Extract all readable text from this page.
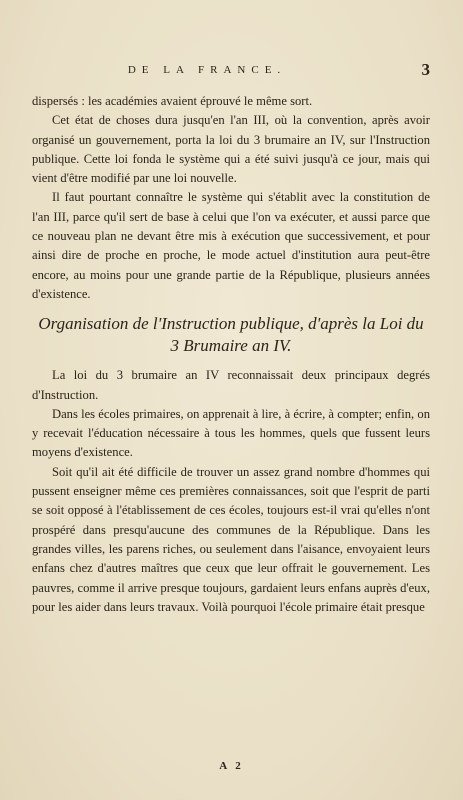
DE LA FRANCE.	3

dispersés : les académies avaient éprouvé le même sort.

Cet état de choses dura jusqu'en l'an III, où la convention, après avoir organisé un gouvernement, porta la loi du 3 brumaire an IV, sur l'Instruction publique. Cette loi fonda le système qui a été suivi jusqu'à ce jour, mais qui vient d'être modifié par une loi nouvelle.

Il faut pourtant connaître le système qui s'établit avec la constitution de l'an III, parce qu'il sert de base à celui que l'on va exécuter, et aussi parce que ce nouveau plan ne devant être mis à exécution que successivement, et pour ainsi dire de proche en proche, le mode actuel d'institution aura peut-être encore, au moins pour une grande partie de la République, plusieurs années d'existence.

Organisation de l'Instruction publique, d'après la Loi du 3 Brumaire an IV.

La loi du 3 brumaire an IV reconnaissait deux principaux degrés d'Instruction.

Dans les écoles primaires, on apprenait à lire, à écrire, à compter; enfin, on y recevait l'éducation nécessaire à tous les hommes, quels que fussent leurs moyens d'existence.

Soit qu'il ait été difficile de trouver un assez grand nombre d'hommes qui pussent enseigner même ces premières connaissances, soit que l'esprit de parti se soit opposé à l'établissement de ces écoles, toujours est-il vrai qu'elles n'ont prospéré dans presqu'aucune des communes de la République. Dans les grandes villes, les parens riches, ou seulement dans l'aisance, envoyaient leurs enfans chez d'autres maîtres que ceux que leur offrait le gouvernement. Les pauvres, comme il arrive presque toujours, gardaient leurs enfans auprès d'eux, pour les aider dans leurs travaux. Voilà pourquoi l'école primaire était presque

A 2
